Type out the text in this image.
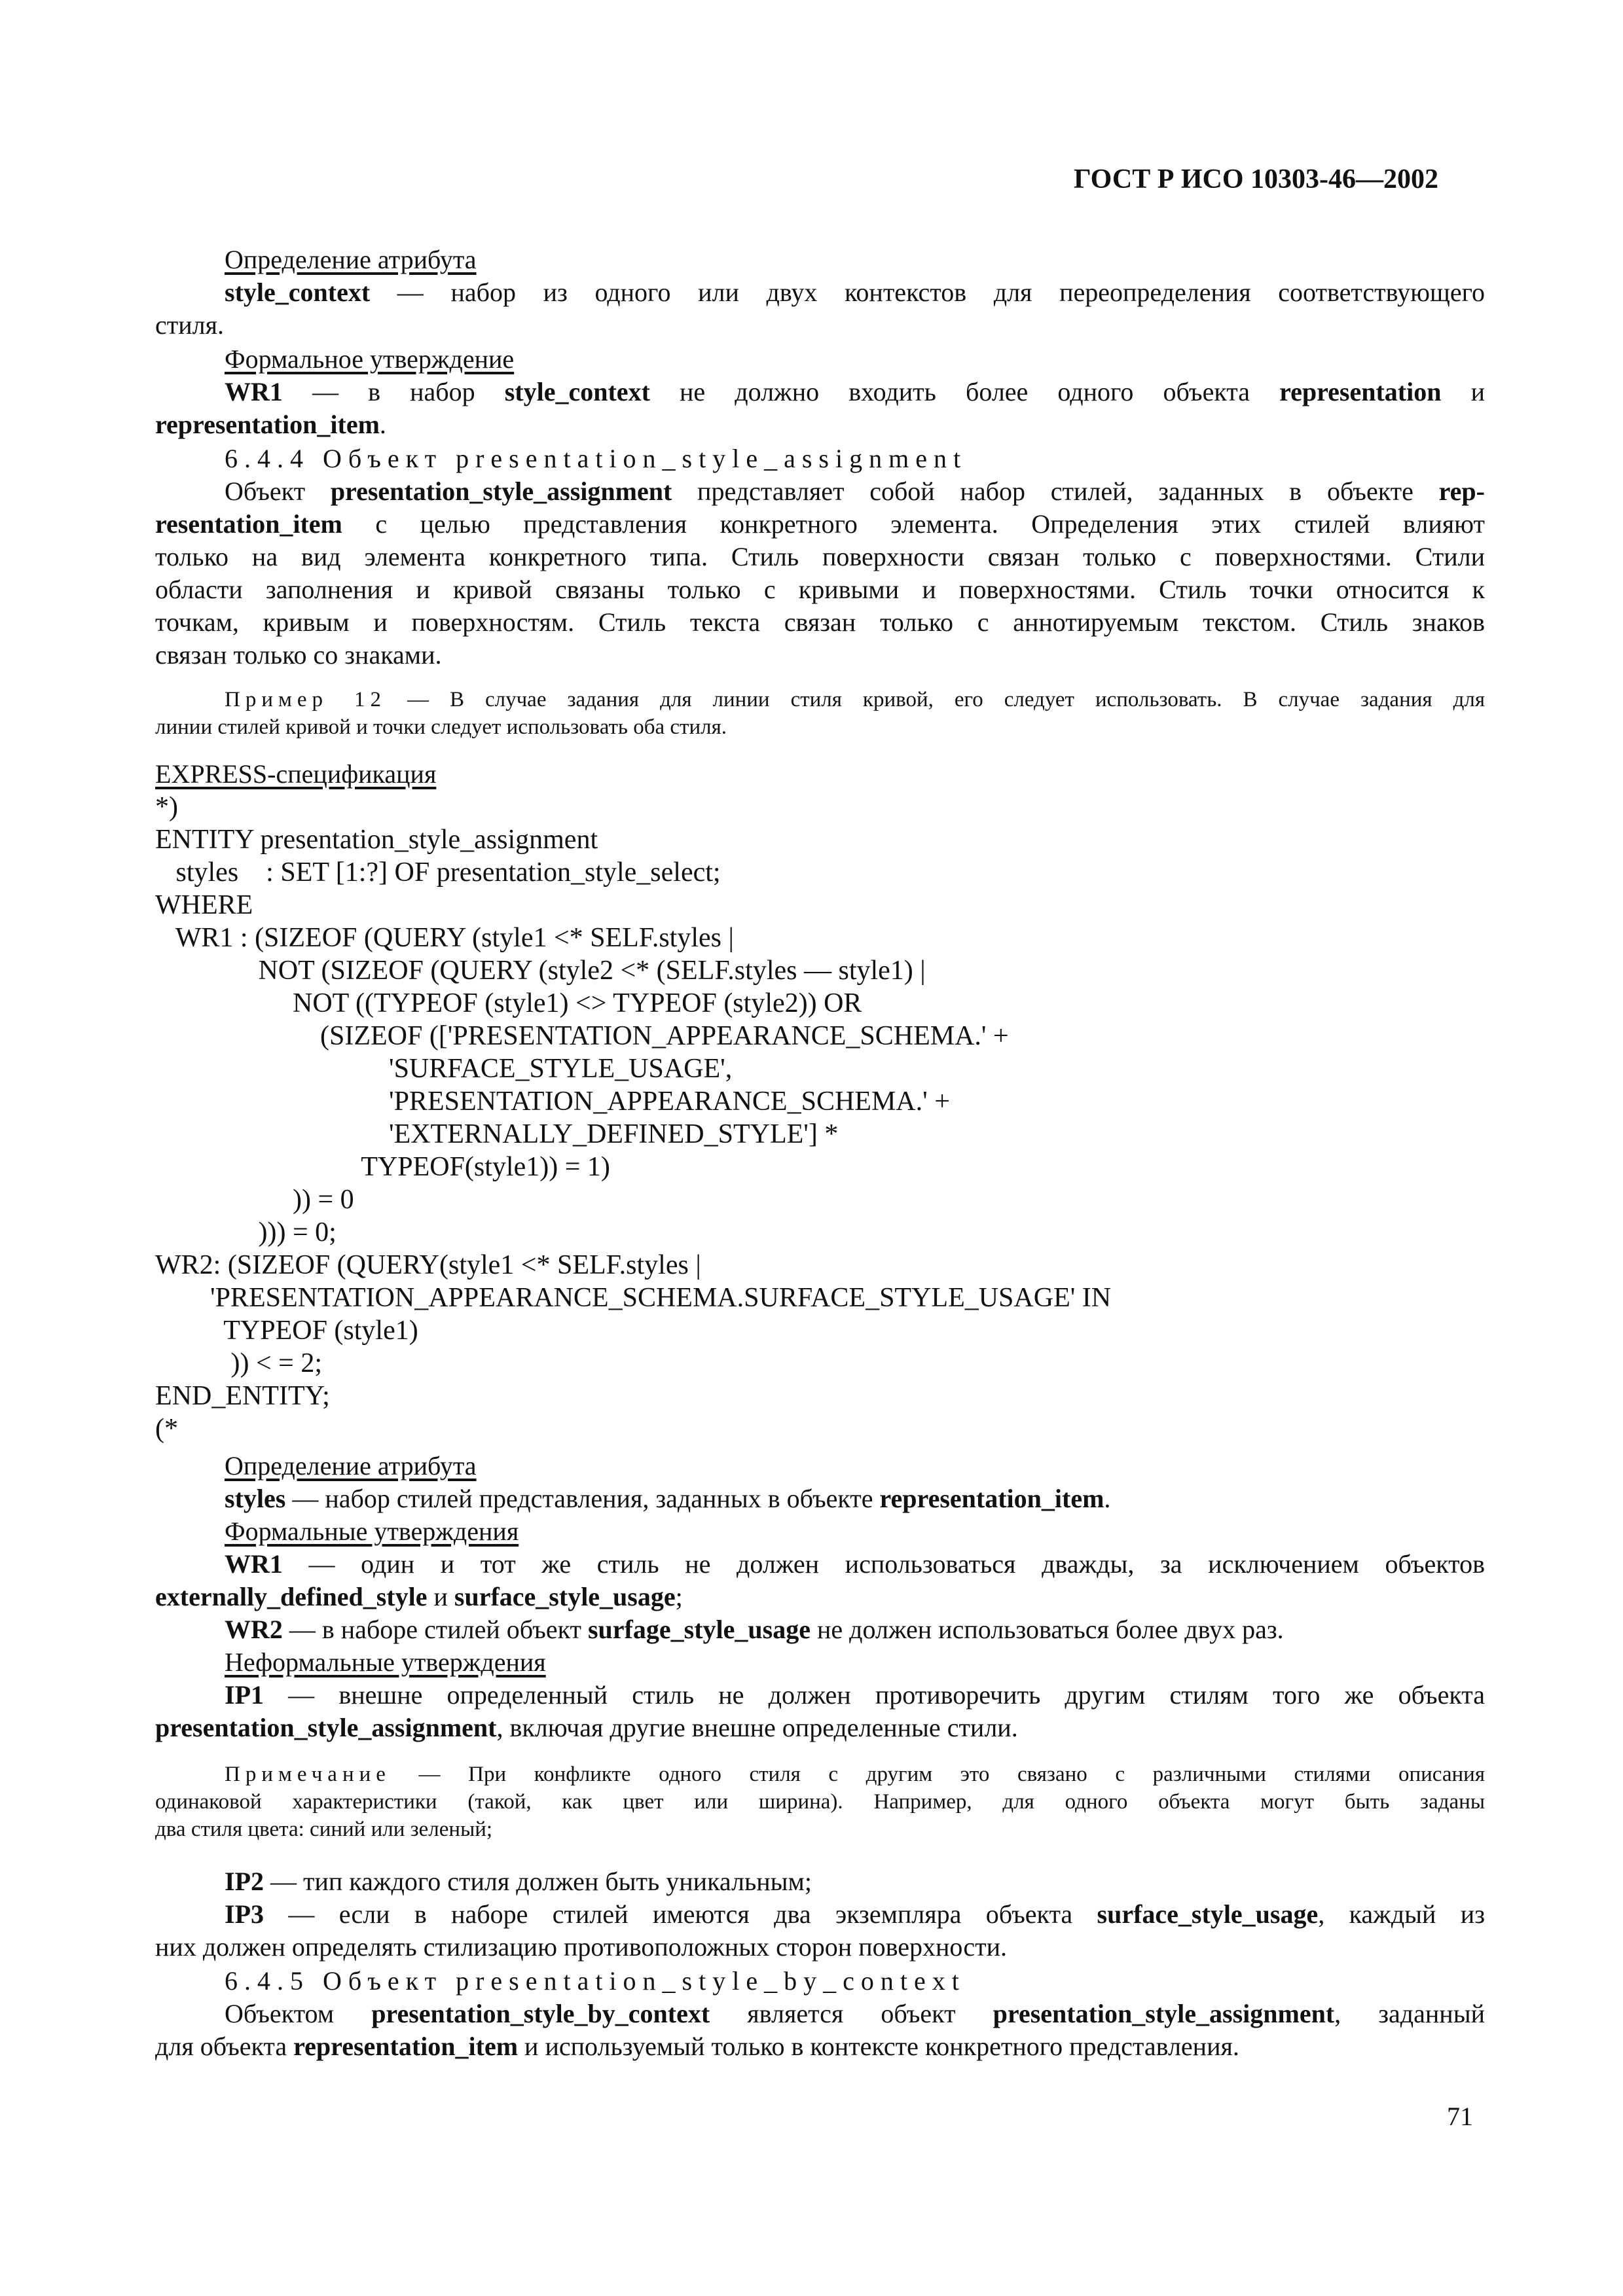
ГОСТ Р ИСО 10303-46—2002
Определение атрибута
style_context — набор из одного или двух контекстов для переопределения соответствующего
стиля.
Формальное утверждение
WR1 — в набор style_context не должно входить более одного объекта representation и
representation_item.
6.4.4 Объект presentation_style_assignment
Объект presentation_style_assignment представляет собой набор стилей, заданных в объекте rep-
resentation_item с целью представления конкретного элемента. Определения этих стилей влияют
только на вид элемента конкретного типа. Стиль поверхности связан только с поверхностями. Стили
области заполнения и кривой связаны только с кривыми и поверхностями. Стиль точки относится к
точкам, кривым и поверхностям. Стиль текста связан только с аннотируемым текстом. Стиль знаков
связан только со знаками.
Пример 12 — В случае задания для линии стиля кривой, его следует использовать. В случае задания для
линии стилей кривой и точки следует использовать оба стиля.
EXPRESS-спецификация
*)
ENTITY presentation_style_assignment
styles    : SET [1:?] OF presentation_style_select;
WHERE
WR1 : (SIZEOF (QUERY (style1 <* SELF.styles |
NOT (SIZEOF (QUERY (style2 <* (SELF.styles — style1) |
NOT ((TYPEOF (style1) <> TYPEOF (style2)) OR
(SIZEOF (['PRESENTATION_APPEARANCE_SCHEMA.' +
'SURFACE_STYLE_USAGE',
'PRESENTATION_APPEARANCE_SCHEMA.' +
'EXTERNALLY_DEFINED_STYLE'] *
TYPEOF(style1)) = 1)
)) = 0
))) = 0;
WR2: (SIZEOF (QUERY(style1 <* SELF.styles |
'PRESENTATION_APPEARANCE_SCHEMA.SURFACE_STYLE_USAGE' IN
TYPEOF (style1)
)) < = 2;
END_ENTITY;
(*
Определение атрибута
styles — набор стилей представления, заданных в объекте representation_item.
Формальные утверждения
WR1 — один и тот же стиль не должен использоваться дважды, за исключением объектов
externally_defined_style и surface_style_usage;
WR2 — в наборе стилей объект surfage_style_usage не должен использоваться более двух раз.
Неформальные утверждения
IP1 — внешне определенный стиль не должен противоречить другим стилям того же объекта
presentation_style_assignment, включая другие внешне определенные стили.
Примечание — При конфликте одного стиля с другим это связано с различными стилями описания
одинаковой характеристики (такой, как цвет или ширина). Например, для одного объекта могут быть заданы
два стиля цвета: синий или зеленый;
IP2 — тип каждого стиля должен быть уникальным;
IP3 — если в наборе стилей имеются два экземпляра объекта surface_style_usage, каждый из
них должен определять стилизацию противоположных сторон поверхности.
6.4.5 Объект presentation_style_by_context
Объектом presentation_style_by_context является объект presentation_style_assignment, заданный
для объекта representation_item и используемый только в контексте конкретного представления.
71
